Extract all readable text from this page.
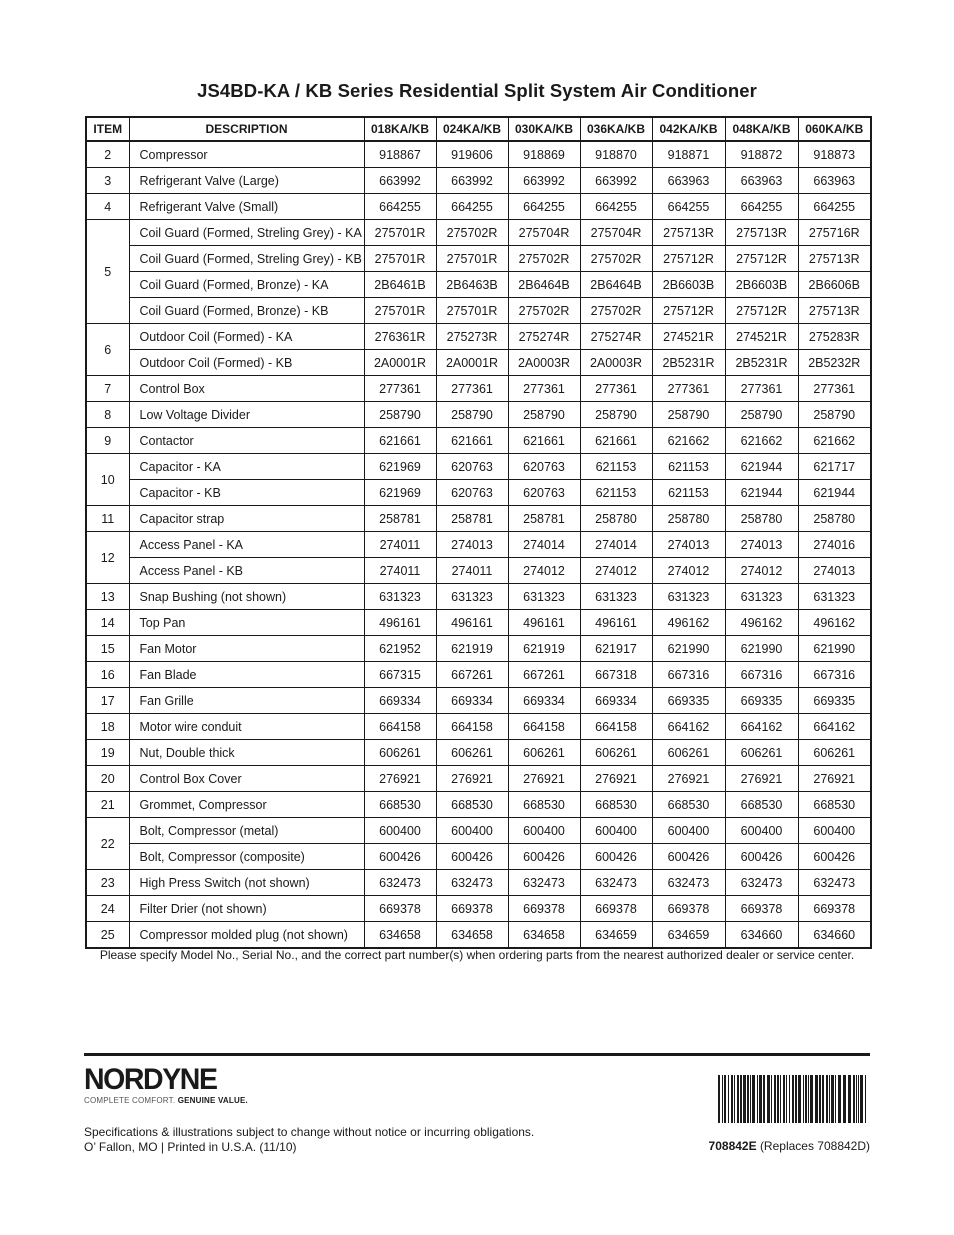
JS4BD-KA / KB Series Residential Split System Air Conditioner
ITEM	DESCRIPTION	018KA/KB	024KA/KB	030KA/KB	036KA/KB	042KA/KB	048KA/KB	060KA/KB
2	Compressor	918867	919606	918869	918870	918871	918872	918873
3	Refrigerant Valve (Large)	663992	663992	663992	663992	663963	663963	663963
4	Refrigerant Valve (Small)	664255	664255	664255	664255	664255	664255	664255
5	Coil Guard (Formed, Streling Grey) - KA	275701R	275702R	275704R	275704R	275713R	275713R	275716R
	Coil Guard (Formed, Streling Grey) - KB	275701R	275701R	275702R	275702R	275712R	275712R	275713R
	Coil Guard (Formed, Bronze) - KA	2B6461B	2B6463B	2B6464B	2B6464B	2B6603B	2B6603B	2B6606B
	Coil Guard (Formed, Bronze) - KB	275701R	275701R	275702R	275702R	275712R	275712R	275713R
6	Outdoor Coil (Formed) - KA	276361R	275273R	275274R	275274R	274521R	274521R	275283R
	Outdoor Coil (Formed) - KB	2A0001R	2A0001R	2A0003R	2A0003R	2B5231R	2B5231R	2B5232R
7	Control Box	277361	277361	277361	277361	277361	277361	277361
8	Low Voltage Divider	258790	258790	258790	258790	258790	258790	258790
9	Contactor	621661	621661	621661	621661	621662	621662	621662
10	Capacitor - KA	621969	620763	620763	621153	621153	621944	621717
	Capacitor - KB	621969	620763	620763	621153	621153	621944	621944
11	Capacitor strap	258781	258781	258781	258780	258780	258780	258780
12	Access Panel - KA	274011	274013	274014	274014	274013	274013	274016
	Access Panel - KB	274011	274011	274012	274012	274012	274012	274013
13	Snap Bushing (not shown)	631323	631323	631323	631323	631323	631323	631323
14	Top Pan	496161	496161	496161	496161	496162	496162	496162
15	Fan Motor	621952	621919	621919	621917	621990	621990	621990
16	Fan Blade	667315	667261	667261	667318	667316	667316	667316
17	Fan Grille	669334	669334	669334	669334	669335	669335	669335
18	Motor wire conduit	664158	664158	664158	664158	664162	664162	664162
19	Nut, Double thick	606261	606261	606261	606261	606261	606261	606261
20	Control Box Cover	276921	276921	276921	276921	276921	276921	276921
21	Grommet, Compressor	668530	668530	668530	668530	668530	668530	668530
22	Bolt, Compressor (metal)	600400	600400	600400	600400	600400	600400	600400
	Bolt, Compressor (composite)	600426	600426	600426	600426	600426	600426	600426
23	High Press Switch (not shown)	632473	632473	632473	632473	632473	632473	632473
24	Filter Drier (not shown)	669378	669378	669378	669378	669378	669378	669378
25	Compressor molded plug (not shown)	634658	634658	634658	634659	634659	634660	634660
Please specify Model No., Serial No., and the correct part number(s) when ordering parts from the nearest authorized dealer or service center.
NORDYNE
COMPLETE COMFORT. GENUINE VALUE.
Specifications & illustrations subject to change without notice or incurring obligations.
O’ Fallon, MO | Printed in U.S.A. (11/10)	708842E (Replaces 708842D)
